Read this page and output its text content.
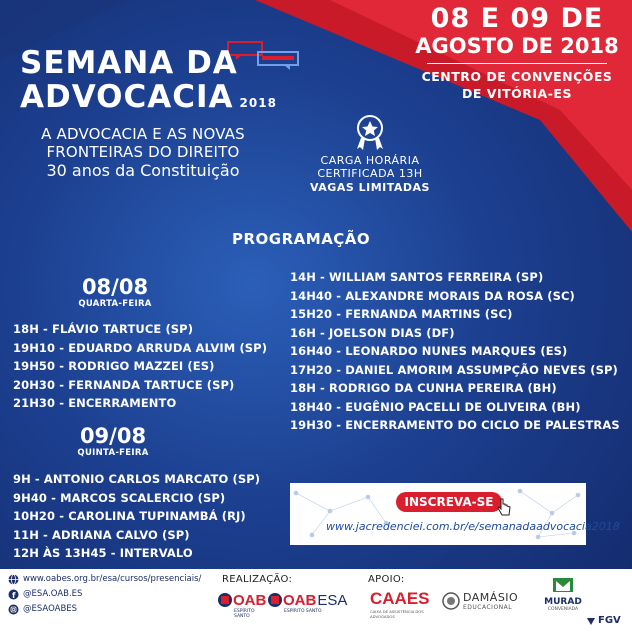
08 E 09 DE
AGOSTO DE 2018
CENTRO DE CONVENÇÕES
DE VITÓRIA-ES
SEMANA DA
ADVOCACIA 2018
A ADVOCACIA E AS NOVAS
FRONTEIRAS DO DIREITO
30 anos da Constituição
CARGA HORÁRIA
CERTIFICADA 13H
VAGAS LIMITADAS
PROGRAMAÇÃO
08/08
QUARTA-FEIRA
18H - FLÁVIO TARTUCE (SP)
19H10 - EDUARDO ARRUDA ALVIM (SP)
19H50 - RODRIGO MAZZEI (ES)
20H30 - FERNANDA TARTUCE (SP)
21H30 - ENCERRAMENTO
09/08
QUINTA-FEIRA
9H - ANTONIO CARLOS MARCATO (SP)
9H40 - MARCOS SCALERCIO (SP)
10H20 - CAROLINA TUPINAMBÁ (RJ)
11H - ADRIANA CALVO (SP)
12H ÀS 13H45 - INTERVALO
14H - WILLIAM SANTOS FERREIRA (SP)
14H40 - ALEXANDRE MORAIS DA ROSA (SC)
15H20 - FERNANDA MARTINS (SC)
16H - JOELSON DIAS (DF)
16H40 - LEONARDO NUNES MARQUES (ES)
17H20 - DANIEL AMORIM ASSUMPÇÃO NEVES (SP)
18H - RODRIGO DA CUNHA PEREIRA (BH)
18H40 - EUGÊNIO PACELLI DE OLIVEIRA (BH)
19H30 - ENCERRAMENTO DO CICLO DE PALESTRAS
INSCREVA-SE
www.jacredenciei.com.br/e/semanadaadvocacia2018
www.oabes.org.br/esa/cursos/presenciais/
f @ESA.OAB.ES
@ESAOABES
REALIZAÇÃO:
OAB
ESPÍRITO SANTO
OAB ESA
ESPÍRITO SANTO
APOIO:
CAAES
CAIXA DE ASSISTÊNCIA DOS ADVOGADOS
DAMÁSIO
EDUCACIONAL
MURAD
CONVENIADA
FGV
